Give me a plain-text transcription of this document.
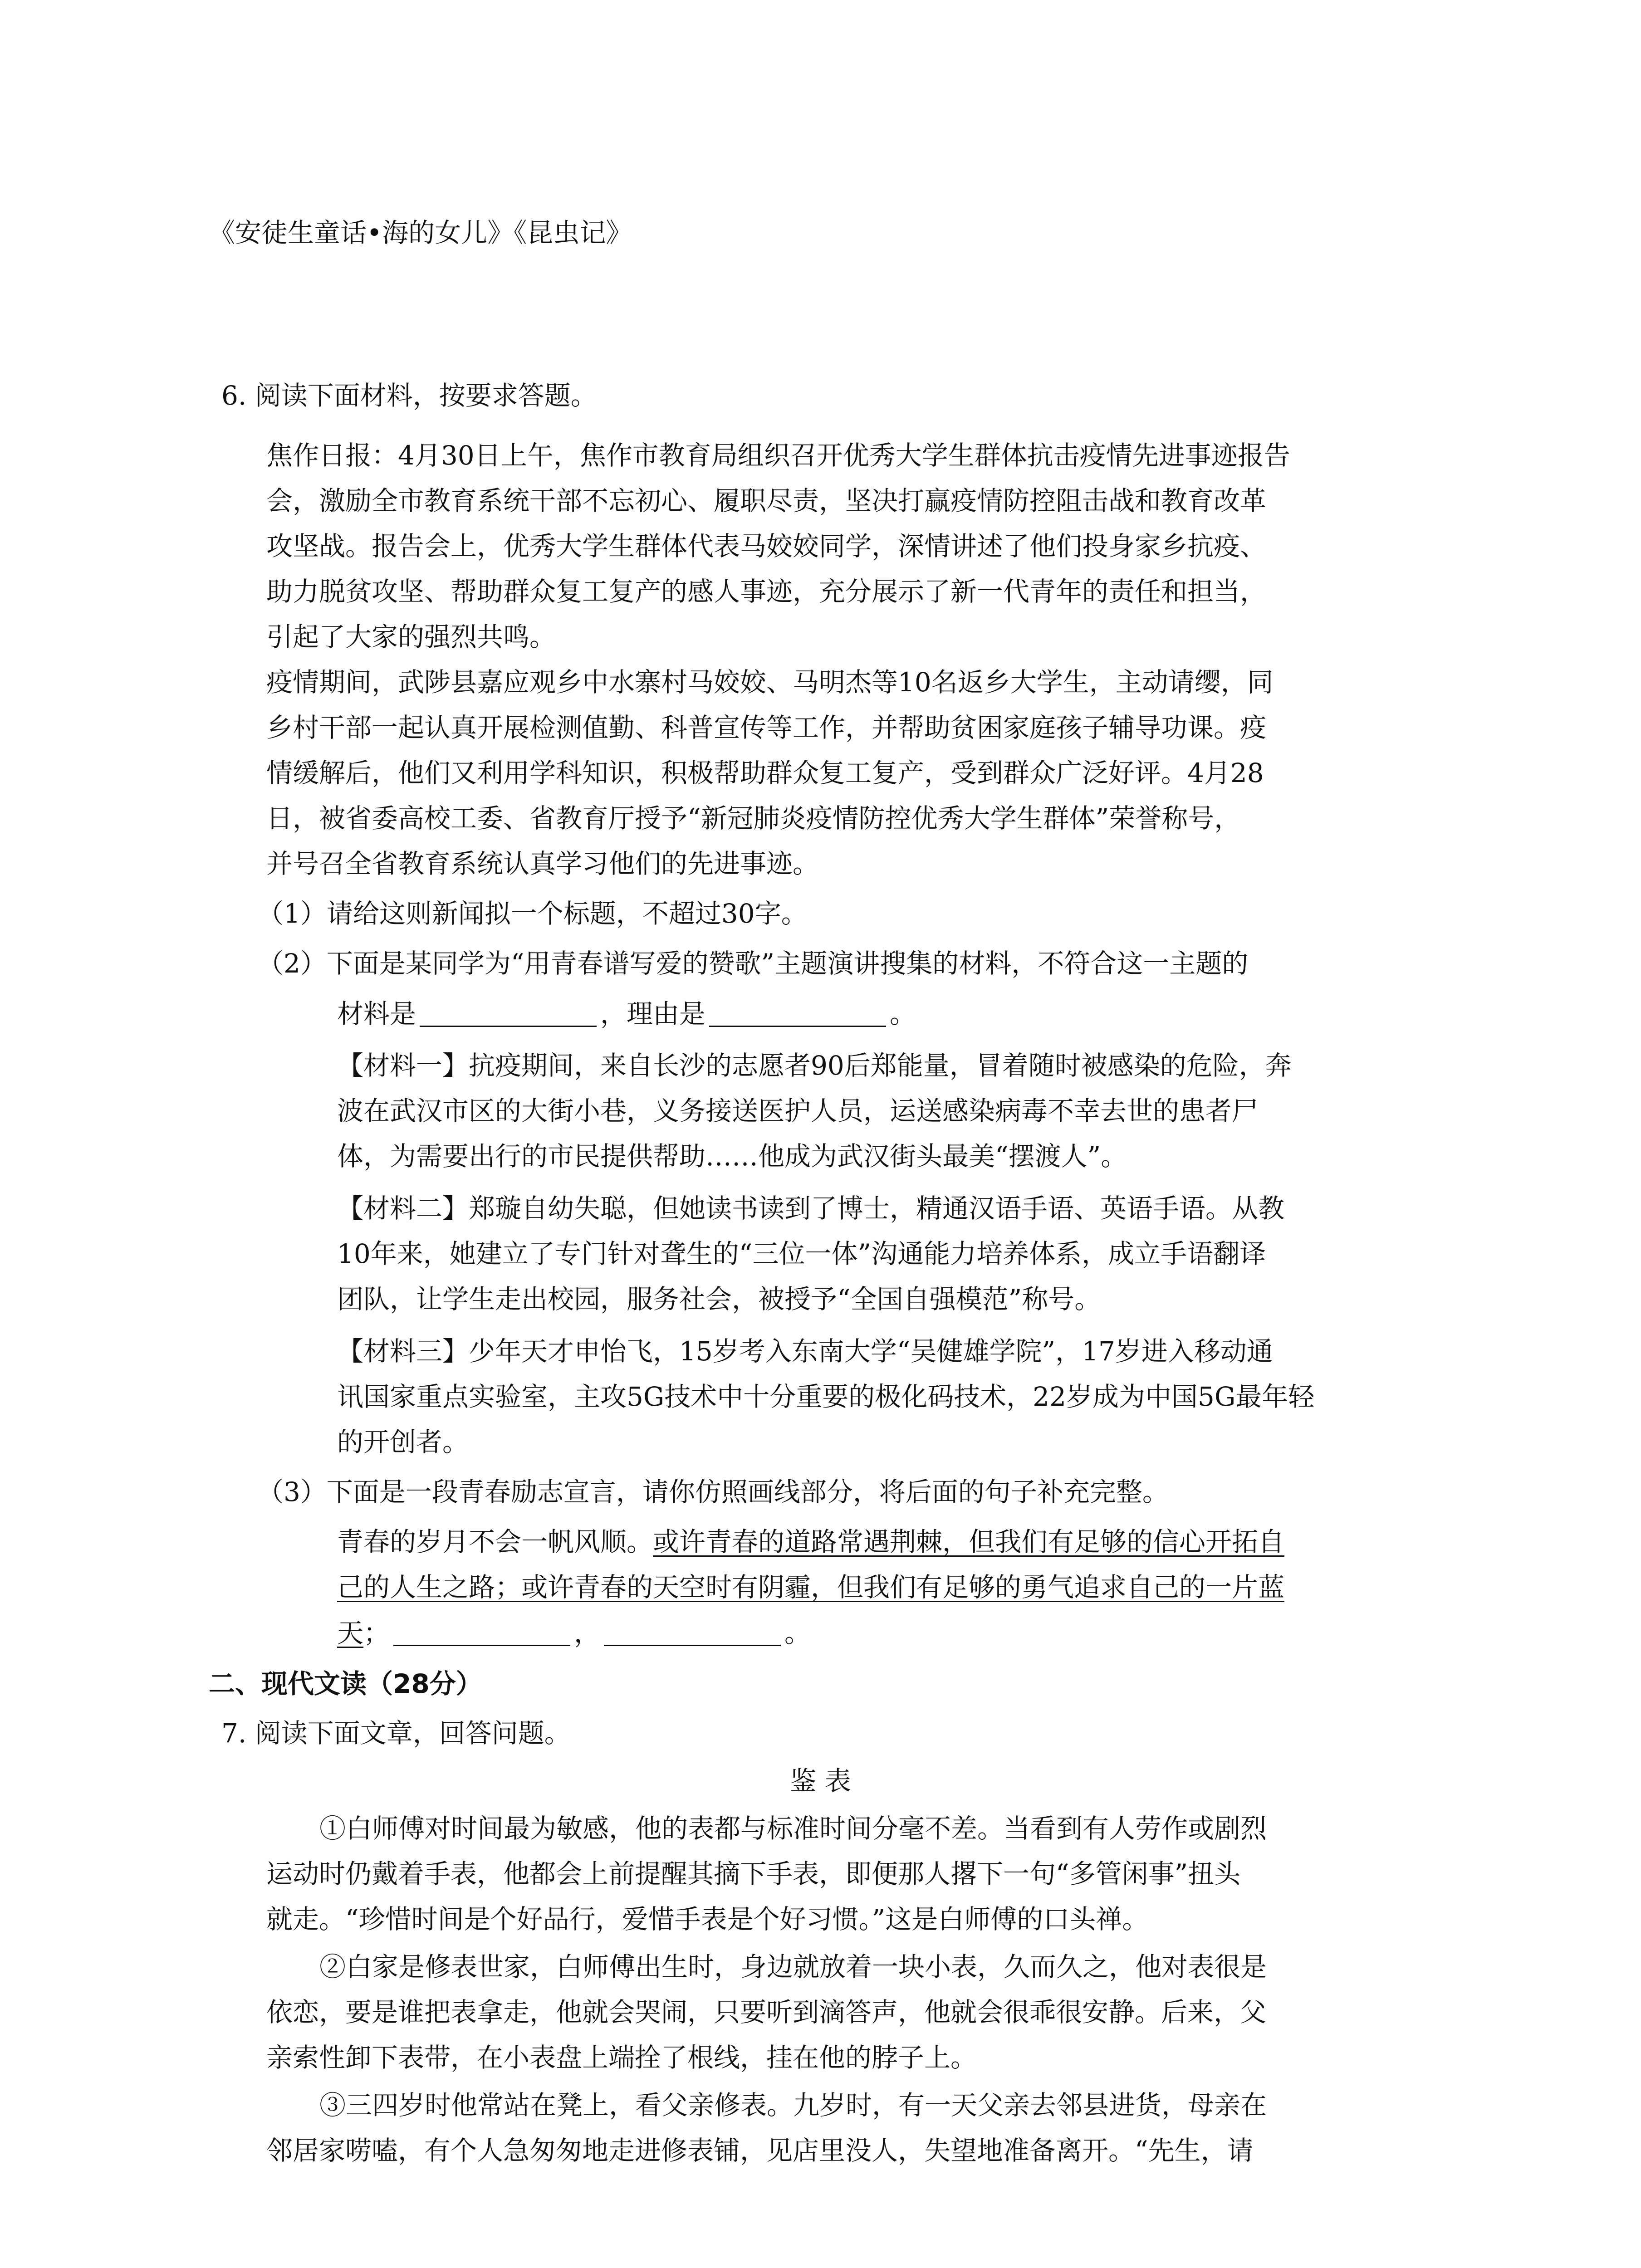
《安徒生童话•海的女儿》《昆虫记》
6. 阅读下面材料，按要求答题。
焦作日报：4月30日上午，焦作市教育局组织召开优秀大学生群体抗击疫情先进事迹报告
会，激励全市教育系统干部不忘初心、履职尽责，坚决打赢疫情防控阻击战和教育改革
攻坚战。报告会上，优秀大学生群体代表马姣姣同学，深情讲述了他们投身家乡抗疫、
助力脱贫攻坚、帮助群众复工复产的感人事迹，充分展示了新一代青年的责任和担当，
引起了大家的强烈共鸣。
疫情期间，武陟县嘉应观乡中水寨村马姣姣、马明杰等10名返乡大学生，主动请缨，同
乡村干部一起认真开展检测值勤、科普宣传等工作，并帮助贫困家庭孩子辅导功课。疫
情缓解后，他们又利用学科知识，积极帮助群众复工复产，受到群众广泛好评。4月28
日，被省委高校工委、省教育厅授予“新冠肺炎疫情防控优秀大学生群体”荣誉称号，
并号召全省教育系统认真学习他们的先进事迹。
（1）请给这则新闻拟一个标题，不超过30字。
（2）下面是某同学为“用青春谱写爱的赞歌”主题演讲搜集的材料，不符合这一主题的
材料是	，理由是	。
【材料一】抗疫期间，来自长沙的志愿者90后郑能量，冒着随时被感染的危险，奔
波在武汉市区的大街小巷，义务接送医护人员，运送感染病毒不幸去世的患者尸
体，为需要出行的市民提供帮助……他成为武汉街头最美“摆渡人”。
【材料二】郑璇自幼失聪，但她读书读到了博士，精通汉语手语、英语手语。从教
10年来，她建立了专门针对聋生的“三位一体”沟通能力培养体系，成立手语翻译
团队，让学生走出校园，服务社会，被授予“全国自强模范”称号。
【材料三】少年天才申怡飞，15岁考入东南大学“吴健雄学院”，17岁进入移动通
讯国家重点实验室，主攻5G技术中十分重要的极化码技术，22岁成为中国5G最年轻
的开创者。
（3）下面是一段青春励志宣言，请你仿照画线部分，将后面的句子补充完整。
青春的岁月不会一帆风顺。或许青春的道路常遇荆棘，但我们有足够的信心开拓自
己的人生之路；或许青春的天空时有阴霾，但我们有足够的勇气追求自己的一片蓝
天；	，	。
二、现代文读（28分）
7. 阅读下面文章，回答问题。
鉴 表
①白师傅对时间最为敏感，他的表都与标准时间分毫不差。当看到有人劳作或剧烈
运动时仍戴着手表，他都会上前提醒其摘下手表，即便那人撂下一句“多管闲事”扭头
就走。“珍惜时间是个好品行，爱惜手表是个好习惯。”这是白师傅的口头禅。
②白家是修表世家，白师傅出生时，身边就放着一块小表，久而久之，他对表很是
依恋，要是谁把表拿走，他就会哭闹，只要听到滴答声，他就会很乖很安静。后来，父
亲索性卸下表带，在小表盘上端拴了根线，挂在他的脖子上。
③三四岁时他常站在凳上，看父亲修表。九岁时，有一天父亲去邻县进货，母亲在
邻居家唠嗑，有个人急匆匆地走进修表铺，见店里没人，失望地准备离开。“先生，请
